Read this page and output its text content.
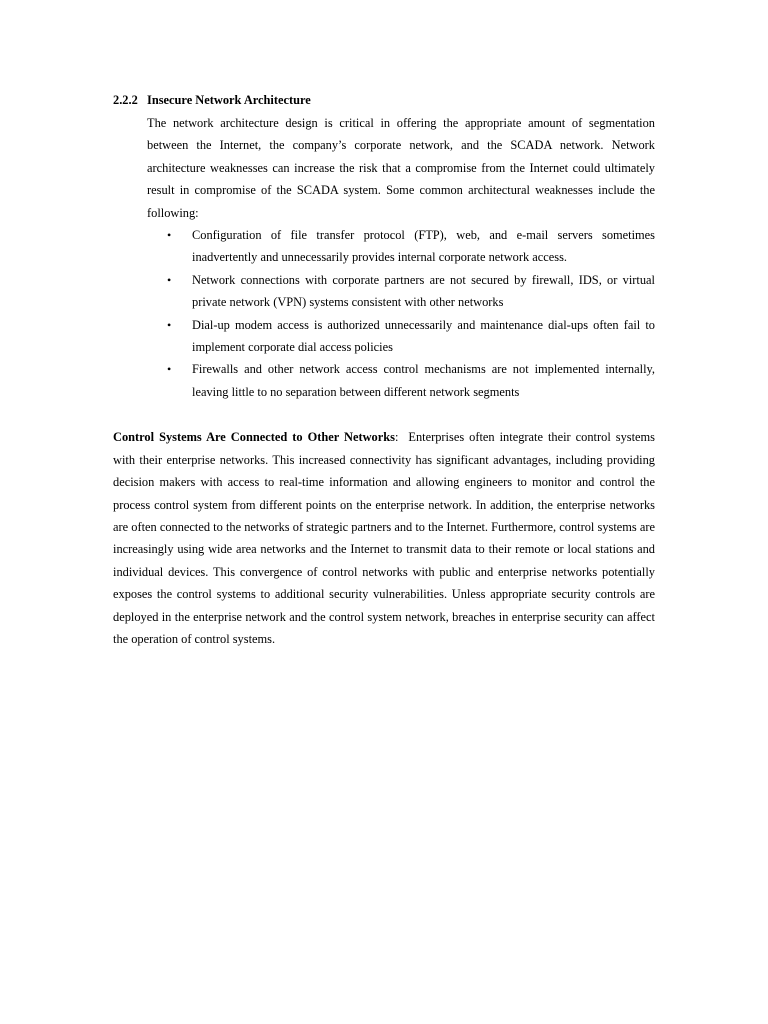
2.2.2 Insecure Network Architecture

The network architecture design is critical in offering the appropriate amount of segmentation between the Internet, the company’s corporate network, and the SCADA network. Network architecture weaknesses can increase the risk that a compromise from the Internet could ultimately result in compromise of the SCADA system. Some common architectural weaknesses include the following:

• Configuration of file transfer protocol (FTP), web, and e-mail servers sometimes inadvertently and unnecessarily provides internal corporate network access.
• Network connections with corporate partners are not secured by firewall, IDS, or virtual private network (VPN) systems consistent with other networks
• Dial-up modem access is authorized unnecessarily and maintenance dial-ups often fail to implement corporate dial access policies
• Firewalls and other network access control mechanisms are not implemented internally, leaving little to no separation between different network segments

Control Systems Are Connected to Other Networks: Enterprises often integrate their control systems with their enterprise networks. This increased connectivity has significant advantages, including providing decision makers with access to real-time information and allowing engineers to monitor and control the process control system from different points on the enterprise network. In addition, the enterprise networks are often connected to the networks of strategic partners and to the Internet. Furthermore, control systems are increasingly using wide area networks and the Internet to transmit data to their remote or local stations and individual devices. This convergence of control networks with public and enterprise networks potentially exposes the control systems to additional security vulnerabilities. Unless appropriate security controls are deployed in the enterprise network and the control system network, breaches in enterprise security can affect the operation of control systems.
